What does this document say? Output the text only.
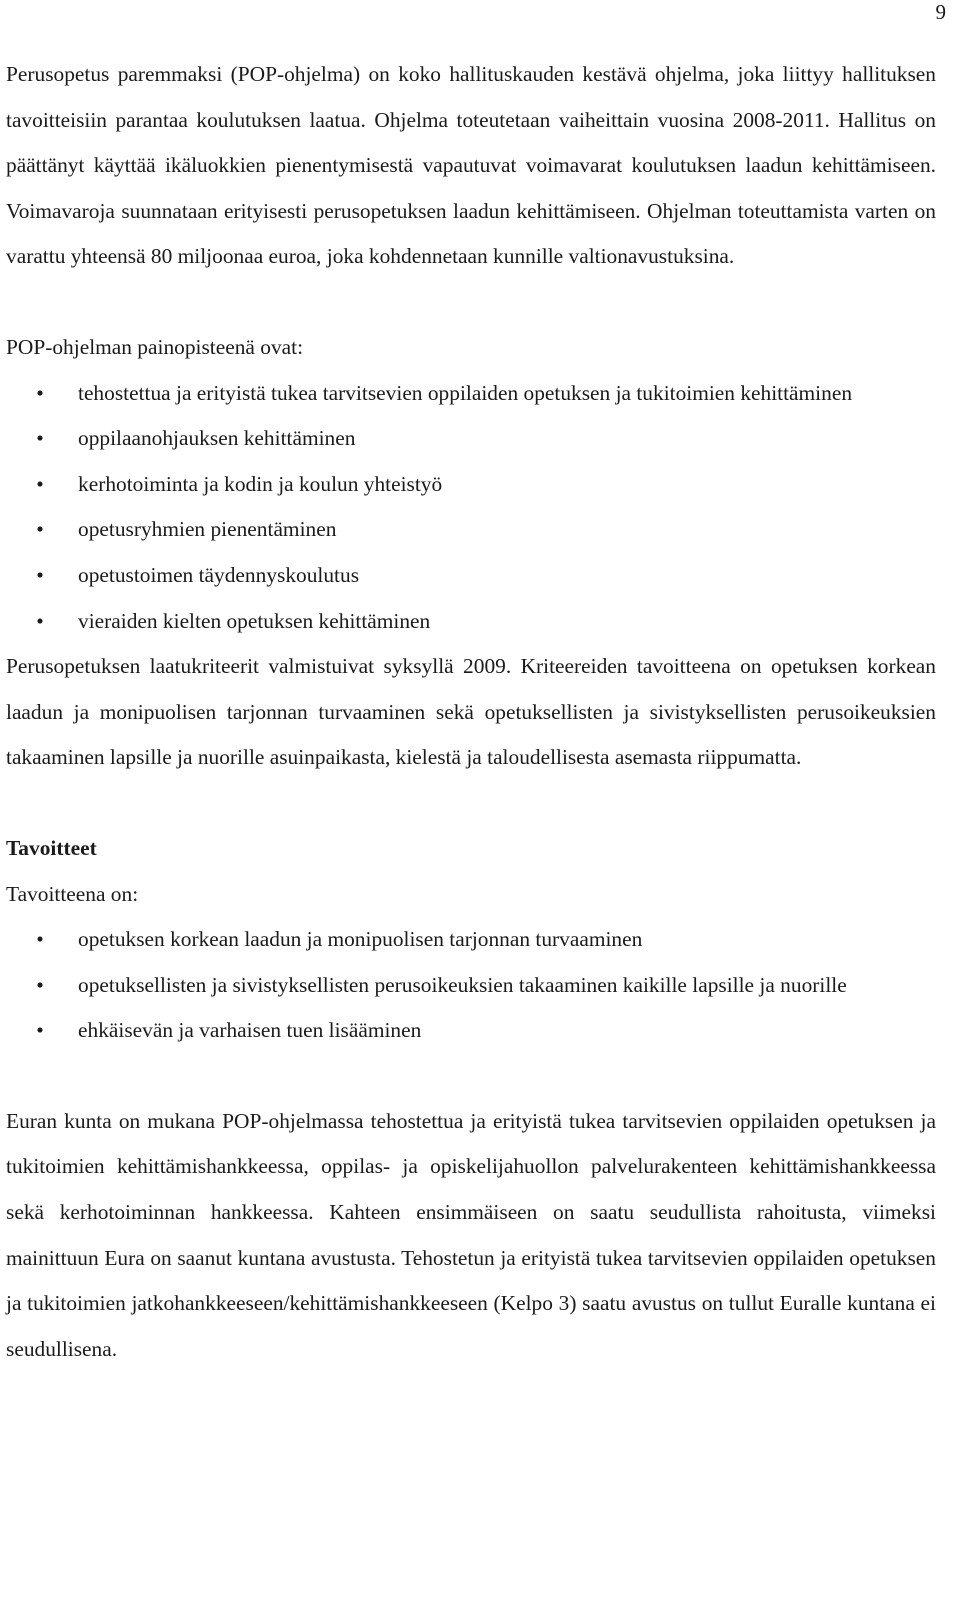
9

Perusopetus paremmaksi (POP-ohjelma) on koko hallituskauden kestävä ohjelma, joka liittyy hallituksen tavoitteisiin parantaa koulutuksen laatua. Ohjelma toteutetaan vaiheittain vuosina 2008-2011. Hallitus on päättänyt käyttää ikäluokkien pienentymisestä vapautuvat voimavarat koulutuksen laadun kehittämiseen. Voimavaroja suunnataan erityisesti perusopetuksen laadun kehittämiseen. Ohjelman toteuttamista varten on varattu yhteensä 80 miljoonaa euroa, joka kohdennetaan kunnille valtionavustuksina.

POP-ohjelman painopisteenä ovat:

• tehostettua ja erityistä tukea tarvitsevien oppilaiden opetuksen ja tukitoimien kehittäminen
• oppilaanohjauksen kehittäminen
• kerhotoiminta ja kodin ja koulun yhteistyö
• opetusryhmien pienentäminen
• opetustoimen täydennyskoulutus
• vieraiden kielten opetuksen kehittäminen

Perusopetuksen laatukriteerit valmistuivat syksyllä 2009. Kriteereiden tavoitteena on opetuksen korkean laadun ja monipuolisen tarjonnan turvaaminen sekä opetuksellisten ja sivistyksellisten perusoikeuksien takaaminen lapsille ja nuorille asuinpaikasta, kielestä ja taloudellisesta asemasta riippumatta.

Tavoitteet

Tavoitteena on:

• opetuksen korkean laadun ja monipuolisen tarjonnan turvaaminen
• opetuksellisten ja sivistyksellisten perusoikeuksien takaaminen kaikille lapsille ja nuorille
• ehkäisevän ja varhaisen tuen lisääminen

Euran kunta on mukana POP-ohjelmassa tehostettua ja erityistä tukea tarvitsevien oppilaiden opetuksen ja tukitoimien kehittämishankkeessa, oppilas- ja opiskelijahuollon palvelurakenteen kehittämishankkeessa sekä kerhotoiminnan hankkeessa. Kahteen ensimmäiseen on saatu seudullista rahoitusta, viimeksi mainittuun Eura on saanut kuntana avustusta. Tehostetun ja erityistä tukea tarvitsevien oppilaiden opetuksen ja tukitoimien jatkohankkeeseen/kehittämishankkeeseen (Kelpo 3) saatu avustus on tullut Euralle kuntana ei seudullisena.
